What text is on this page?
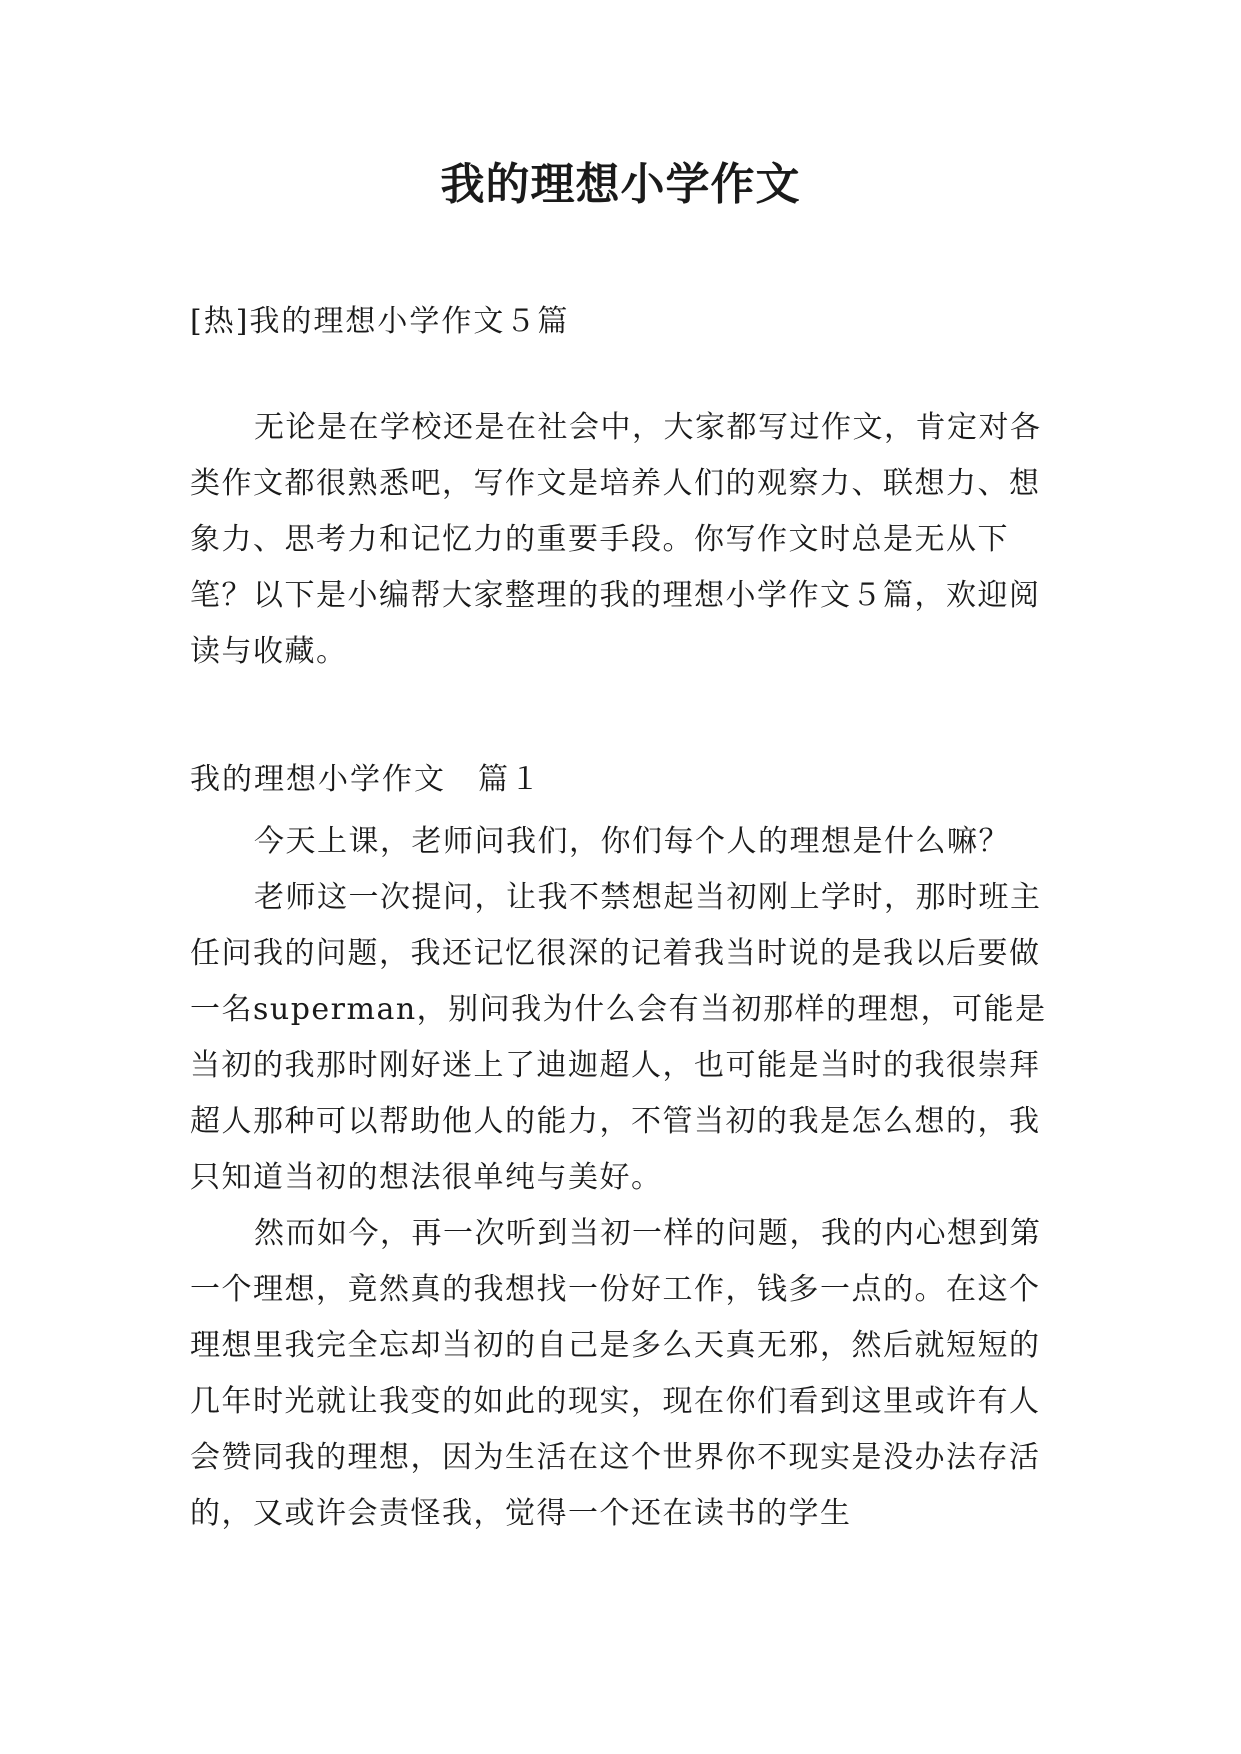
我的理想小学作文

[热]我的理想小学作文５篇

无论是在学校还是在社会中，大家都写过作文，肯定对各类作文都很熟悉吧，写作文是培养人们的观察力、联想力、想象力、思考力和记忆力的重要手段。你写作文时总是无从下笔？以下是小编帮大家整理的我的理想小学作文５篇，欢迎阅读与收藏。

我的理想小学作文　篇１

今天上课，老师问我们，你们每个人的理想是什么嘛？

老师这一次提问，让我不禁想起当初刚上学时，那时班主任问我的问题，我还记忆很深的记着我当时说的是我以后要做一名superman，别问我为什么会有当初那样的理想，可能是当初的我那时刚好迷上了迪迦超人，也可能是当时的我很崇拜超人那种可以帮助他人的能力，不管当初的我是怎么想的，我只知道当初的想法很单纯与美好。

然而如今，再一次听到当初一样的问题，我的内心想到第一个理想，竟然真的我想找一份好工作，钱多一点的。在这个理想里我完全忘却当初的自己是多么天真无邪，然后就短短的几年时光就让我变的如此的现实，现在你们看到这里或许有人会赞同我的理想，因为生活在这个世界你不现实是没办法存活的，又或许会责怪我，觉得一个还在读书的学生
